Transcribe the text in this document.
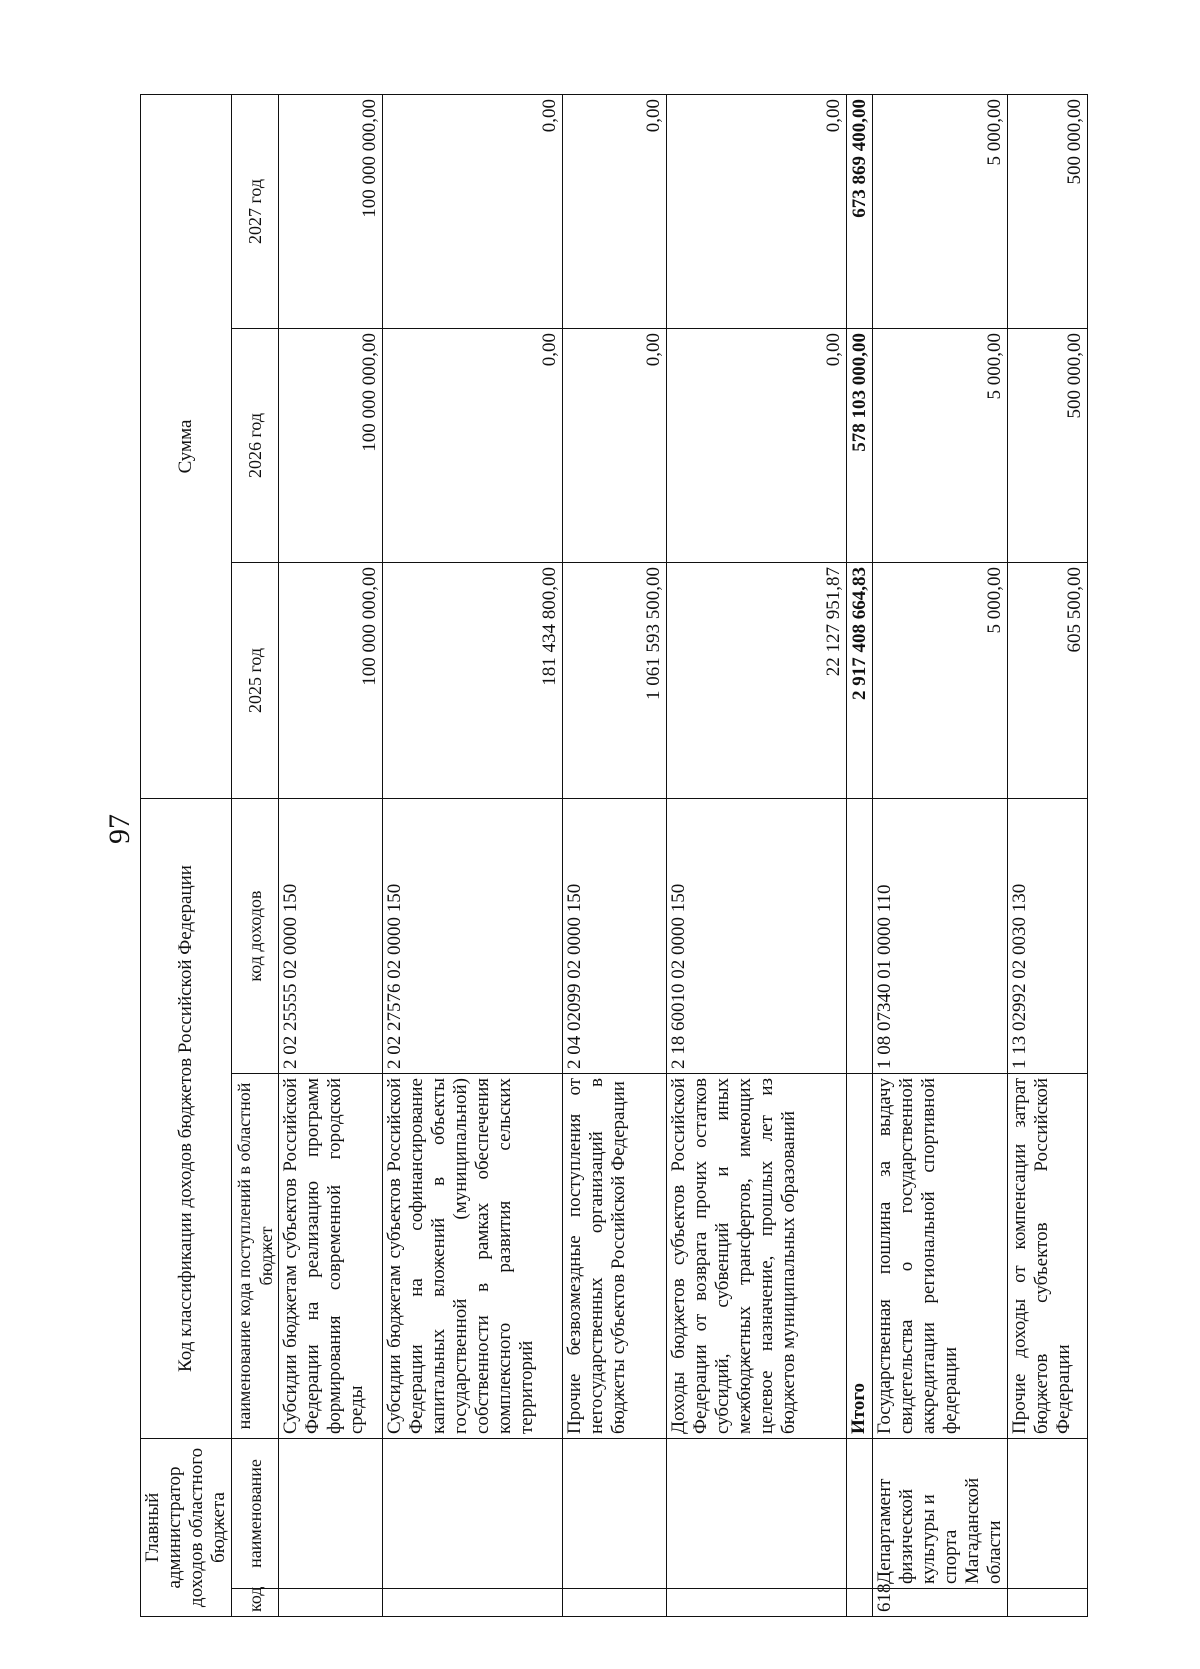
97
Главный администратор доходов областного бюджета		Код классификации доходов бюджетов Российской Федерации		Сумма		
код	наименование	наименование кода поступлений в областной бюджет	код доходов	2025 год	2026 год	2027 год
		Субсидии бюджетам субъектов Российской Федерации на реализацию программ формирования современной городской среды	2 02 25555 02 0000 150	100 000 000,00	100 000 000,00	100 000 000,00
		Субсидии бюджетам субъектов Российской Федерации на софинансирование капитальных вложений в объекты государственной (муниципальной) собственности в рамках обеспечения комплексного развития сельских территорий	2 02 27576 02 0000 150	181 434 800,00	0,00	0,00
		Прочие безвозмездные поступления от негосударственных организаций в бюджеты субъектов Российской Федерации	2 04 02099 02 0000 150	1 061 593 500,00	0,00	0,00
		Доходы бюджетов субъектов Российской Федерации от возврата прочих остатков субсидий, субвенций и иных межбюджетных трансфертов, имеющих целевое назначение, прошлых лет из бюджетов муниципальных образований	2 18 60010 02 0000 150	22 127 951,87	0,00	0,00
		Итого		2 917 408 664,83	578 103 000,00	673 869 400,00
618	Департамент физической культуры и спорта Магаданской области	Государственная пошлина за выдачу свидетельства о государственной аккредитации региональной спортивной федерации	1 08 07340 01 0000 110	5 000,00	5 000,00	5 000,00
		Прочие доходы от компенсации затрат бюджетов субъектов Российской Федерации	1 13 02992 02 0030 130	605 500,00	500 000,00	500 000,00
